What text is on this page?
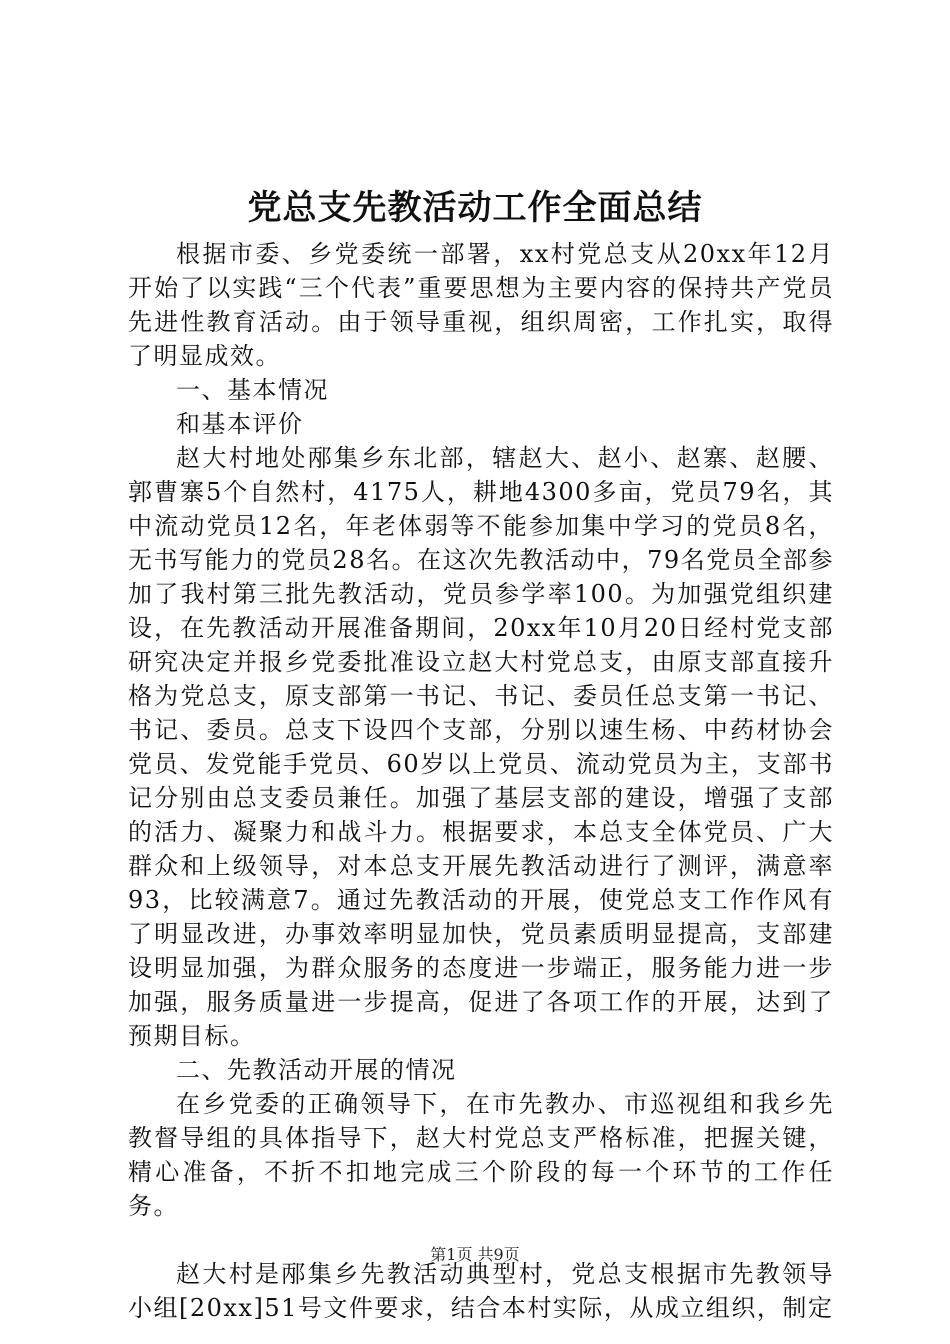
党总支先教活动工作全面总结

根据市委、乡党委统一部署，xx村党总支从20xx年12月开始了以实践“三个代表”重要思想为主要内容的保持共产党员先进性教育活动。由于领导重视，组织周密，工作扎实，取得了明显成效。

一、基本情况

和基本评价

赵大村地处邴集乡东北部，辖赵大、赵小、赵寨、赵腰、郭曹寨5个自然村，4175人，耕地4300多亩，党员79名，其中流动党员12名，年老体弱等不能参加集中学习的党员8名，无书写能力的党员28名。在这次先教活动中，79名党员全部参加了我村第三批先教活动，党员参学率100。为加强党组织建设，在先教活动开展准备期间，20xx年10月20日经村党支部研究决定并报乡党委批准设立赵大村党总支，由原支部直接升格为党总支，原支部第一书记、书记、委员任总支第一书记、书记、委员。总支下设四个支部，分别以速生杨、中药材协会党员、发党能手党员、60岁以上党员、流动党员为主，支部书记分别由总支委员兼任。加强了基层支部的建设，增强了支部的活力、凝聚力和战斗力。根据要求，本总支全体党员、广大群众和上级领导，对本总支开展先教活动进行了测评，满意率93，比较满意7。通过先教活动的开展，使党总支工作作风有了明显改进，办事效率明显加快，党员素质明显提高，支部建设明显加强，为群众服务的态度进一步端正，服务能力进一步加强，服务质量进一步提高，促进了各项工作的开展，达到了预期目标。

二、先教活动开展的情况

在乡党委的正确领导下，在市先教办、市巡视组和我乡先教督导组的具体指导下，赵大村党总支严格标准，把握关键，精心准备，不折不扣地完成三个阶段的每一个环节的工作任务。

赵大村是邴集乡先教活动典型村，党总支根据市先教领导小组[20xx]51号文件要求，结合本村实际，从成立组织，制定

第1页 共9页
